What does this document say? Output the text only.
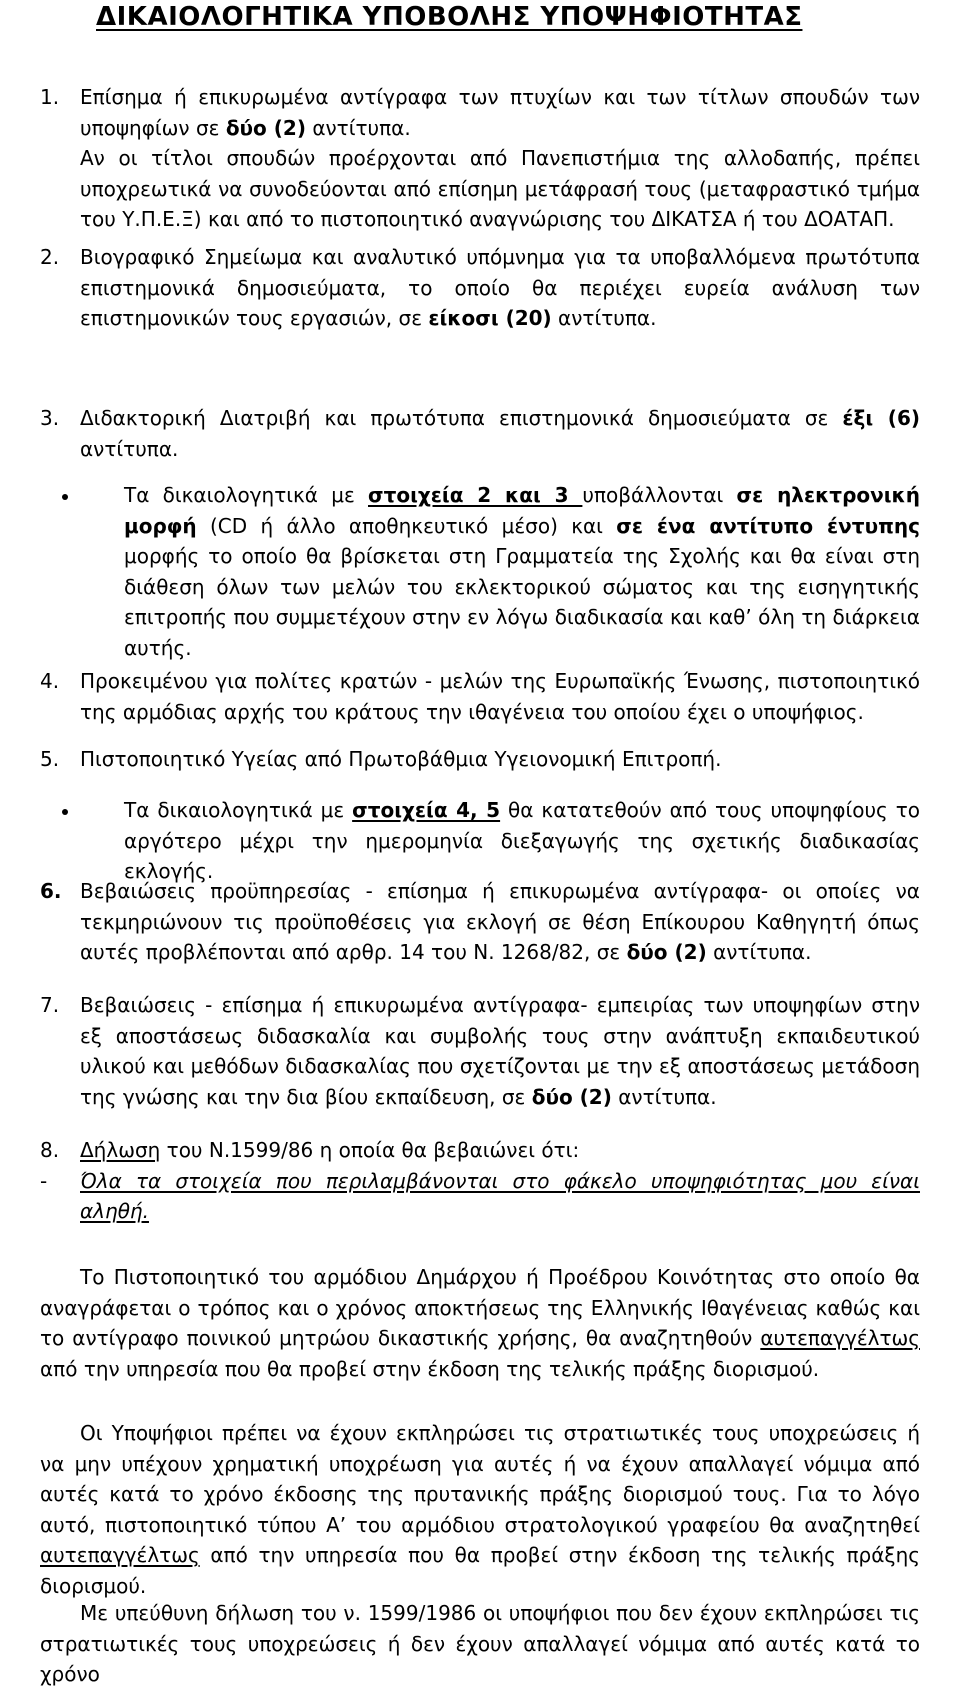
ΔΙΚΑΙΟΛΟΓΗΤΙΚΑ ΥΠΟΒΟΛΗΣ ΥΠΟΨΗΦΙΟΤΗΤΑΣ
1.	Επίσημα ή επικυρωμένα αντίγραφα των πτυχίων και των τίτλων σπουδών των υποψηφίων σε δύο (2) αντίτυπα.
Αν οι τίτλοι σπουδών προέρχονται από Πανεπιστήμια της αλλοδαπής, πρέπει υποχρεωτικά να συνοδεύονται από επίσημη μετάφρασή τους (μεταφραστικό τμήμα του Υ.Π.Ε.Ξ) και από το πιστοποιητικό αναγνώρισης του ΔΙΚΑΤΣΑ ή του ΔΟΑΤΑΠ.
2.	Βιογραφικό Σημείωμα και αναλυτικό υπόμνημα για τα υποβαλλόμενα πρωτότυπα επιστημονικά δημοσιεύματα, το οποίο θα περιέχει ευρεία ανάλυση των επιστημονικών τους εργασιών, σε είκοσι (20) αντίτυπα.
3.	Διδακτορική Διατριβή και πρωτότυπα επιστημονικά δημοσιεύματα σε έξι (6) αντίτυπα.
Τα δικαιολογητικά με στοιχεία 2 και 3 υποβάλλονται σε ηλεκτρονική μορφή (CD ή άλλο αποθηκευτικό μέσο) και σε ένα αντίτυπο έντυπης μορφής το οποίο θα βρίσκεται στη Γραμματεία της Σχολής και θα είναι στη διάθεση όλων των μελών του εκλεκτορικού σώματος και της εισηγητικής επιτροπής που συμμετέχουν στην εν λόγω διαδικασία και καθ’ όλη τη διάρκεια αυτής.
4.	Προκειμένου για πολίτες κρατών - μελών της Ευρωπαϊκής Ένωσης, πιστοποιητικό της αρμόδιας αρχής του κράτους την ιθαγένεια του οποίου έχει ο υποψήφιος.
5.	Πιστοποιητικό Υγείας από Πρωτοβάθμια Υγειονομική Επιτροπή.
Τα δικαιολογητικά με στοιχεία 4, 5 θα κατατεθούν από τους υποψηφίους το αργότερο μέχρι την ημερομηνία διεξαγωγής της σχετικής διαδικασίας εκλογής.
6. Βεβαιώσεις προϋπηρεσίας - επίσημα ή επικυρωμένα αντίγραφα- οι οποίες να τεκμηριώνουν τις προϋποθέσεις για εκλογή σε θέση Επίκουρου Καθηγητή όπως αυτές προβλέπονται από αρθρ. 14 του Ν. 1268/82, σε δύο (2) αντίτυπα.
7.	Βεβαιώσεις - επίσημα ή επικυρωμένα αντίγραφα- εμπειρίας των υποψηφίων στην εξ αποστάσεως διδασκαλία και συμβολής τους στην ανάπτυξη εκπαιδευτικού υλικού και μεθόδων διδασκαλίας που σχετίζονται με την εξ αποστάσεως μετάδοση της γνώσης και την δια βίου εκπαίδευση, σε δύο (2) αντίτυπα.
8.	Δήλωση του Ν.1599/86 η οποία θα βεβαιώνει ότι:
-	Όλα τα στοιχεία που περιλαμβάνονται στο φάκελο υποψηφιότητας μου είναι αληθή.
Το Πιστοποιητικό του αρμόδιου Δημάρχου ή Προέδρου Κοινότητας στο οποίο θα αναγράφεται ο τρόπος και ο χρόνος αποκτήσεως της Ελληνικής Ιθαγένειας καθώς και το αντίγραφο ποινικού μητρώου δικαστικής χρήσης, θα αναζητηθούν αυτεπαγγέλτως από την υπηρεσία που θα προβεί στην έκδοση της τελικής πράξης διορισμού.
Οι Υποψήφιοι πρέπει να έχουν εκπληρώσει τις στρατιωτικές τους υποχρεώσεις ή να μην υπέχουν χρηματική υποχρέωση για αυτές ή να έχουν απαλλαγεί νόμιμα από αυτές κατά το χρόνο έκδοσης της πρυτανικής πράξης διορισμού τους. Για το λόγο αυτό, πιστοποιητικό τύπου Α’ του αρμόδιου στρατολογικού γραφείου θα αναζητηθεί αυτεπαγγέλτως από την υπηρεσία που θα προβεί στην έκδοση της τελικής πράξης διορισμού.
Με υπεύθυνη δήλωση του ν. 1599/1986 οι υποψήφιοι που δεν έχουν εκπληρώσει τις στρατιωτικές τους υποχρεώσεις ή δεν έχουν απαλλαγεί νόμιμα από αυτές κατά το χρόνο
